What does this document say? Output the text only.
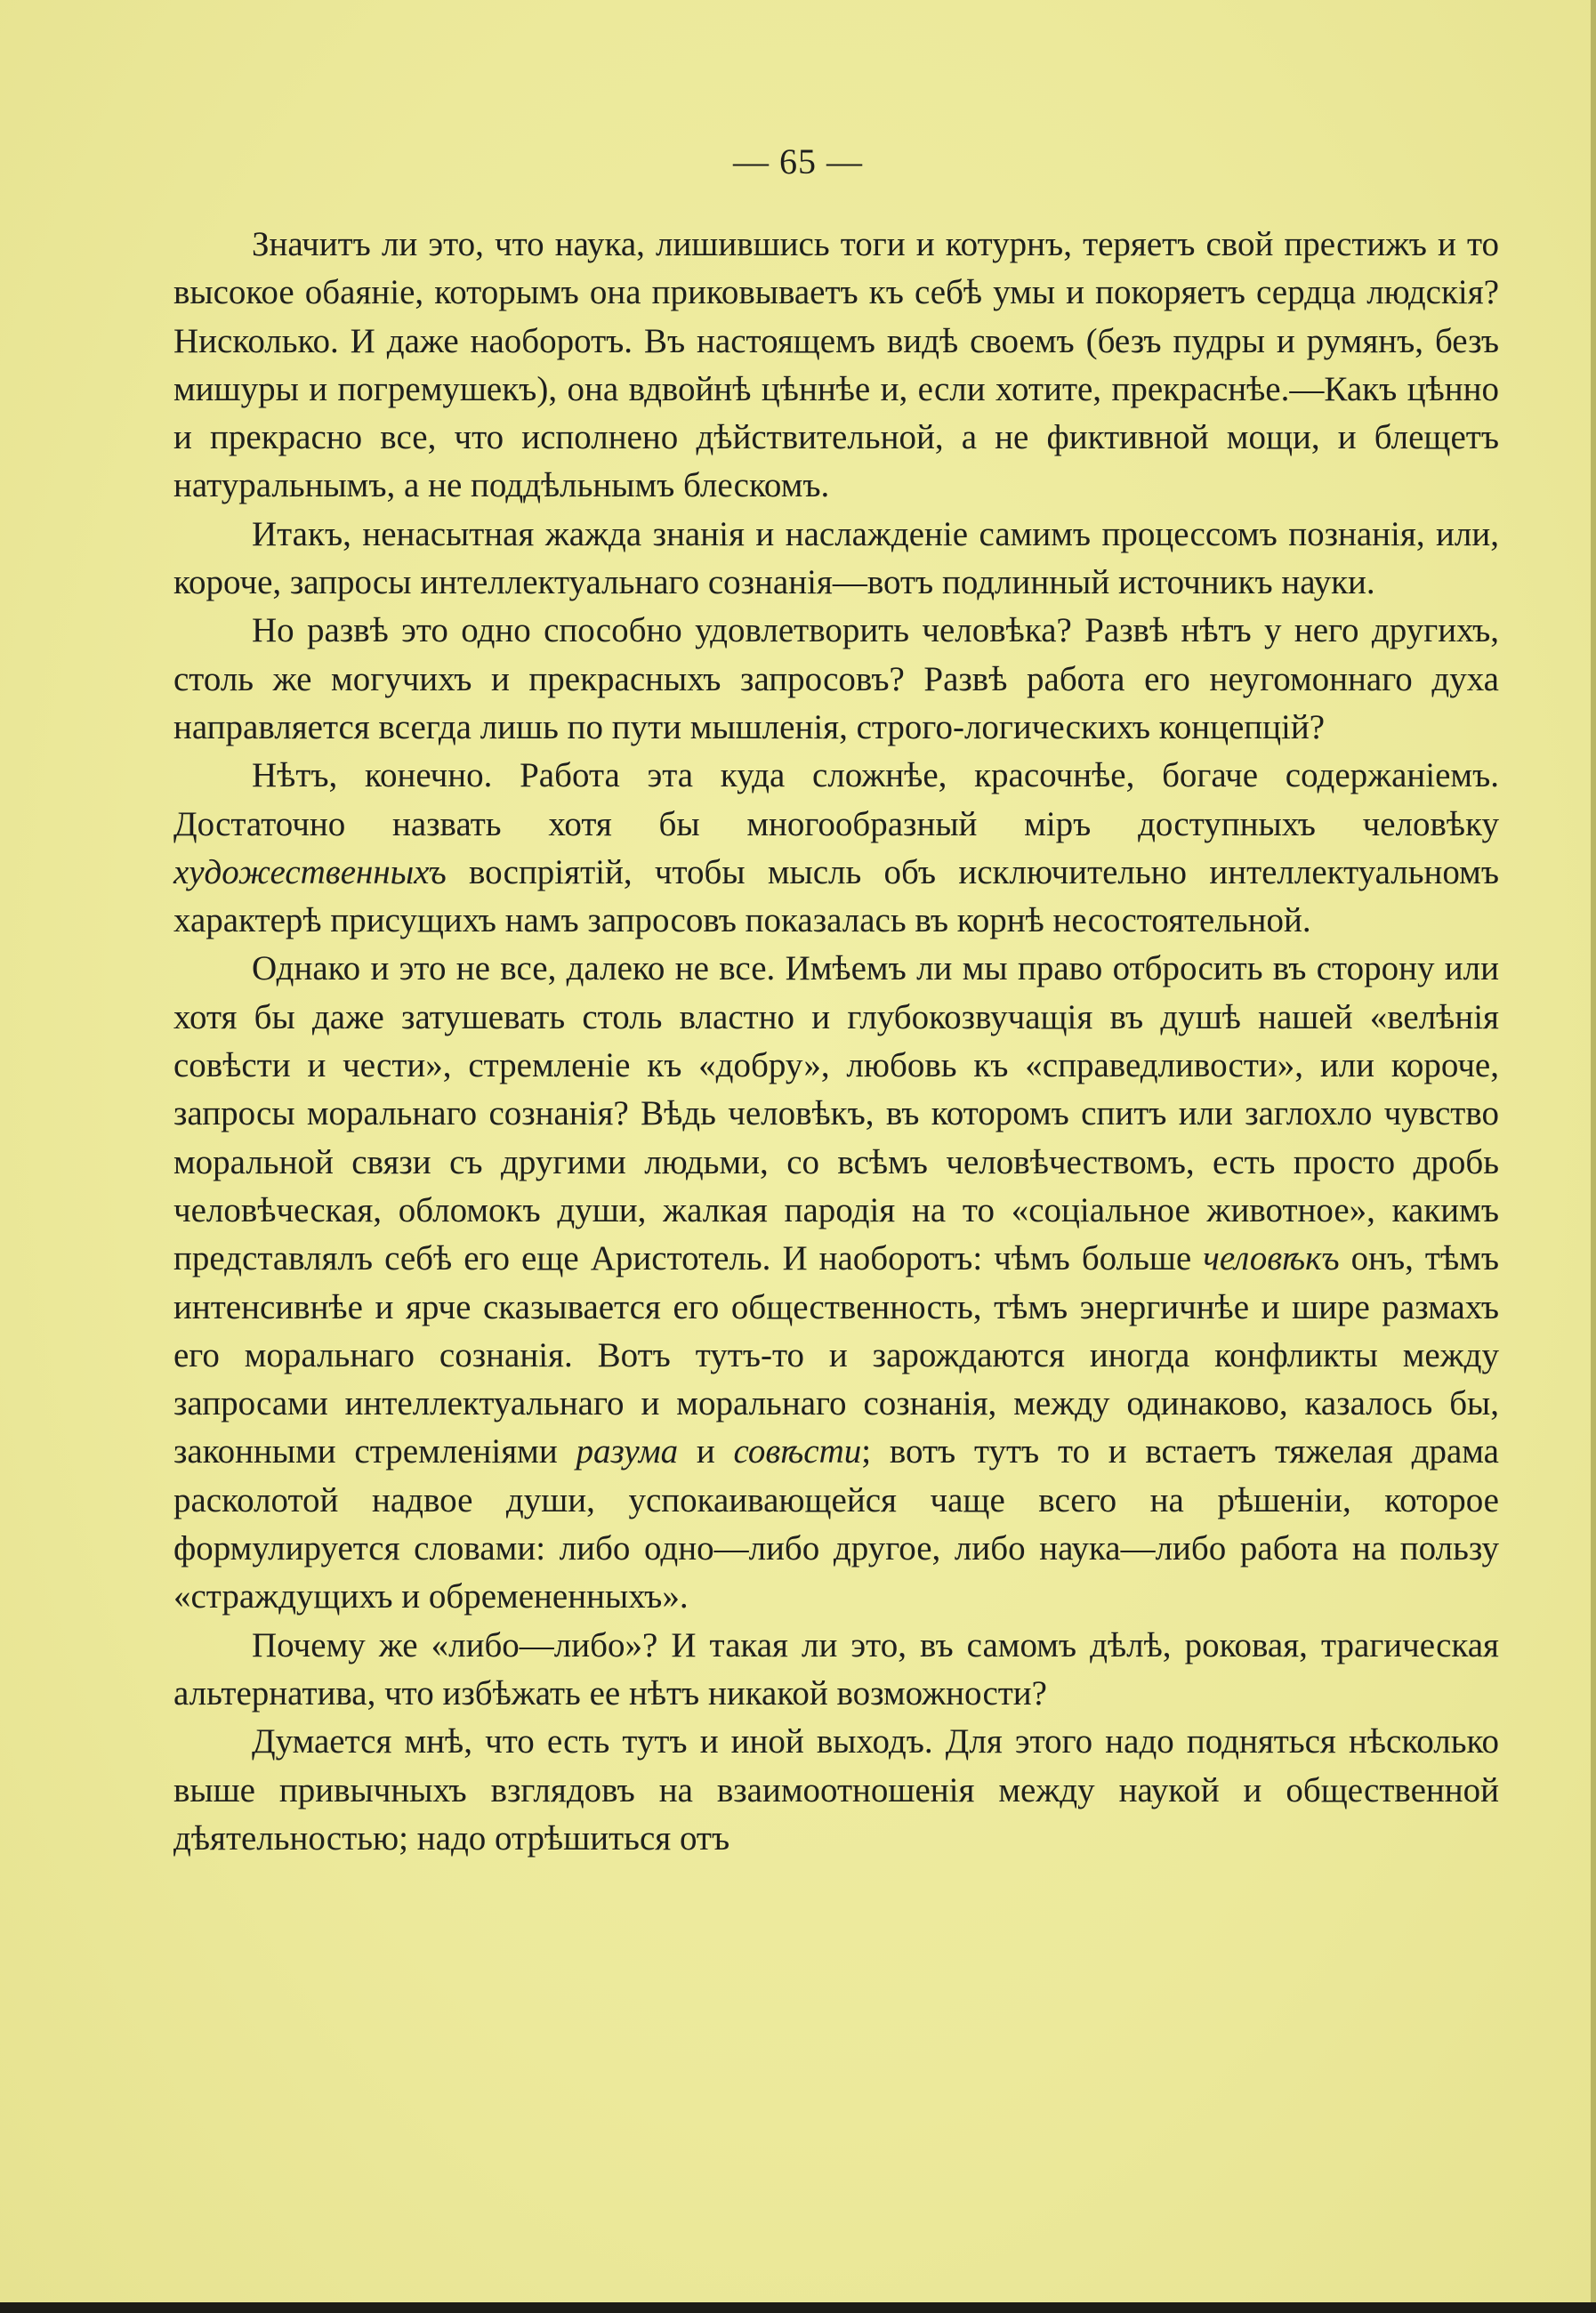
— 65 —

Значитъ ли это, что наука, лишившись тоги и котурнъ, теряетъ свой престижъ и то высокое обаяніе, которымъ она приковываетъ къ себѣ умы и покоряетъ сердца людскія? Нисколько. И даже наоборотъ. Въ настоящемъ видѣ своемъ (безъ пудры и румянъ, безъ мишуры и погремушекъ), она вдвойнѣ цѣннѣе и, если хотите, прекраснѣе.—Какъ цѣнно и прекрасно все, что исполнено дѣйствительной, а не фиктивной мощи, и блещетъ натуральнымъ, а не поддѣльнымъ блескомъ.

Итакъ, ненасытная жажда знанія и наслажденіе самимъ процессомъ познанія, или, короче, запросы интеллектуальнаго сознанія—вотъ подлинный источникъ науки.

Но развѣ это одно способно удовлетворить человѣка? Развѣ нѣтъ у него другихъ, столь же могучихъ и прекрасныхъ запросовъ? Развѣ работа его неугомоннаго духа направляется всегда лишь по пути мышленія, строго-логическихъ концепцій?

Нѣтъ, конечно. Работа эта куда сложнѣе, красочнѣе, богаче содержаніемъ. Достаточно назвать хотя бы многообразный міръ доступныхъ человѣку художественныхъ воспріятій, чтобы мысль объ исключительно интеллектуальномъ характерѣ присущихъ намъ запросовъ показалась въ корнѣ несостоятельной.

Однако и это не все, далеко не все. Имѣемъ ли мы право отбросить въ сторону или хотя бы даже затушевать столь властно и глубокозвучащія въ душѣ нашей «велѣнія совѣсти и чести», стремленіе къ «добру», любовь къ «справедливости», или короче, запросы моральнаго сознанія? Вѣдь человѣкъ, въ которомъ спитъ или заглохло чувство моральной связи съ другими людьми, со всѣмъ человѣчествомъ, есть просто дробь человѣческая, обломокъ души, жалкая пародія на то «соціальное животное», какимъ представлялъ себѣ его еще Аристотель. И наоборотъ: чѣмъ больше человѣкъ онъ, тѣмъ интенсивнѣе и ярче сказывается его общественность, тѣмъ энергичнѣе и шире размахъ его моральнаго сознанія. Вотъ тутъ-то и зарождаются иногда конфликты между запросами интеллектуальнаго и моральнаго сознанія, между одинаково, казалось бы, законными стремленіями разума и совѣсти; вотъ тутъ то и встаетъ тяжелая драма расколотой надвое души, успокаивающейся чаще всего на рѣшеніи, которое формулируется словами: либо одно—либо другое, либо наука—либо работа на пользу «страждущихъ и обремененныхъ».

Почему же «либо—либо»? И такая ли это, въ самомъ дѣлѣ, роковая, трагическая альтернатива, что избѣжать ее нѣтъ никакой возможности?

Думается мнѣ, что есть тутъ и иной выходъ. Для этого надо подняться нѣсколько выше привычныхъ взглядовъ на взаимоотношенія между наукой и общественной дѣятельностью; надо отрѣшиться отъ
